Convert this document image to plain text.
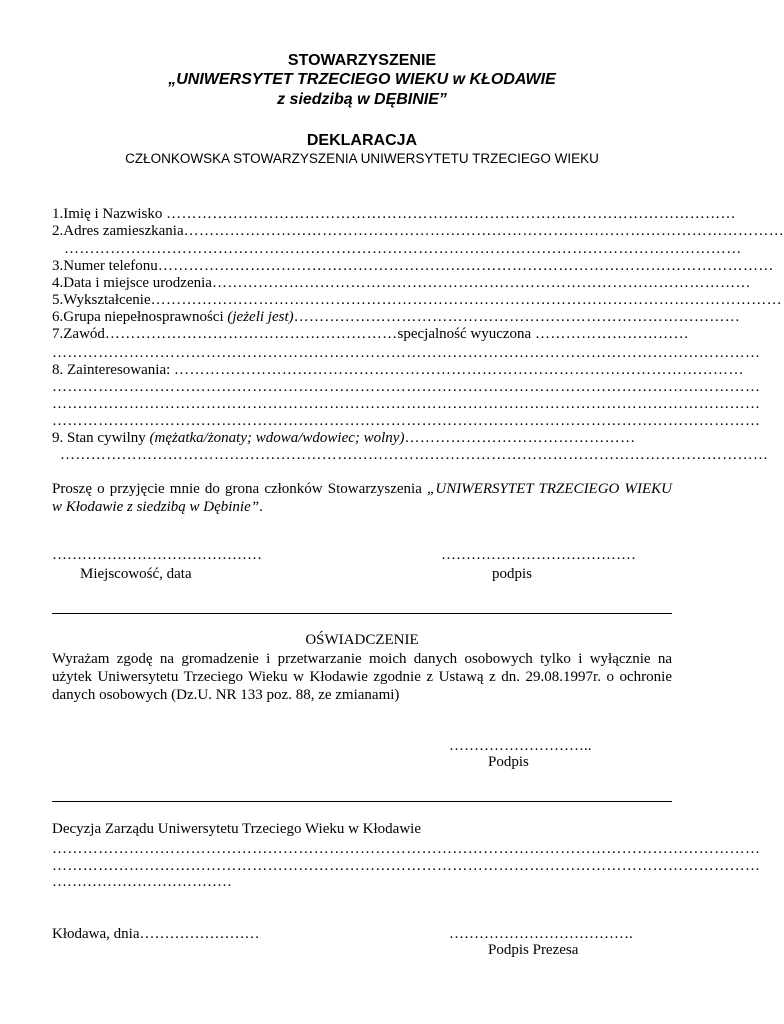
STOWARZYSZENIE
„UNIWERSYTET TRZECIEGO WIEKU w KŁODAWIE
z siedzibą w DĘBINIE”
DEKLARACJA
CZŁONKOWSKA STOWARZYSZENIA UNIWERSYTETU TRZECIEGO WIEKU
1.Imię i Nazwisko …………………………………………………………………………………………………
2.Adres zamieszkania………………………………………………………………………………………………………
……………………………………………………………………………………………………………………
3.Numer telefonu…………………………………………………………………………………………………………
4.Data i miejsce urodzenia……………………………………………………………………………………………
5.Wykształcenie……………………………………………………………………………………………………………
6.Grupa niepełnosprawności (jeżeli jest)……………………………………………………………………………
7.Zawód…………………………………………………specjalność wyuczona …………………………
…………………………………………………………………………………………………………………………
8. Zainteresowania: …………………………………………………………………………………………………
…………………………………………………………………………………………………………………………
…………………………………………………………………………………………………………………………
…………………………………………………………………………………………………………………………
9. Stan cywilny (mężatka/żonaty; wdowa/wdowiec; wolny)………………………………………
…………………………………………………………………………………………………………………………
Proszę o przyjęcie mnie do grona członków Stowarzyszenia „UNIWERSYTET TRZECIEGO WIEKU w Kłodawie z siedzibą w Dębinie”.
……………………………………
Miejscowość, data
…………………………………
podpis
OŚWIADCZENIE
Wyrażam zgodę na gromadzenie i przetwarzanie moich danych osobowych tylko i wyłącznie na użytek Uniwersytetu Trzeciego Wieku w Kłodawie zgodnie z Ustawą z dn. 29.08.1997r. o ochronie danych osobowych (Dz.U. NR 133 poz. 88, ze zmianami)
………………………..
Podpis
Decyzja Zarządu Uniwersytetu Trzeciego Wieku w Kłodawie
…………………………………………………………………………………………………………………………
…………………………………………………………………………………………………………………………
………………………………
Kłodawa, dnia……………………	……………………………….
Podpis Prezesa
